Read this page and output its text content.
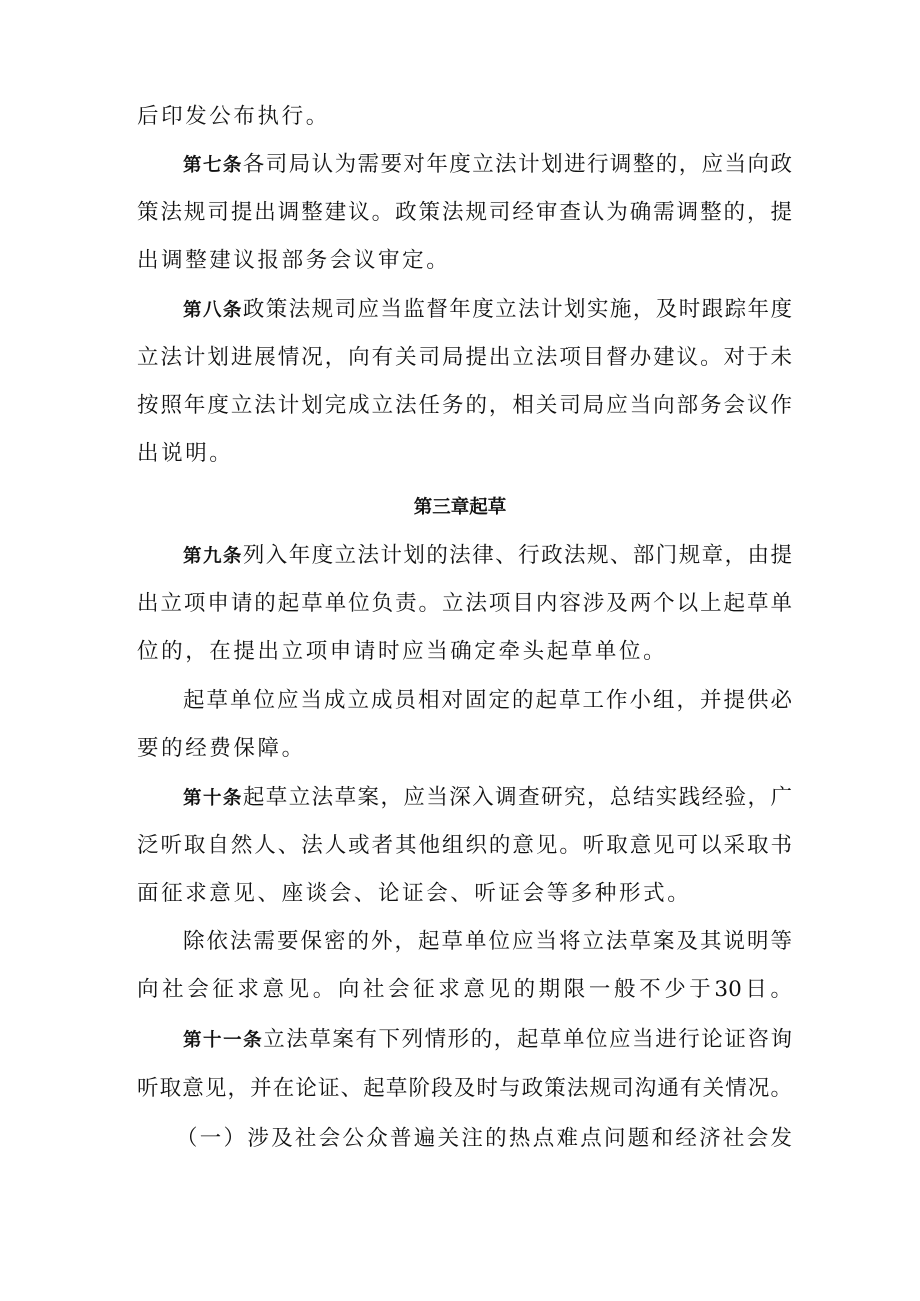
后印发公布执行。
第七条各司局认为需要对年度立法计划进行调整的，应当向政
策法规司提出调整建议。政策法规司经审查认为确需调整的，提
出调整建议报部务会议审定。
第八条政策法规司应当监督年度立法计划实施，及时跟踪年度
立法计划进展情况，向有关司局提出立法项目督办建议。对于未
按照年度立法计划完成立法任务的，相关司局应当向部务会议作
出说明。
第三章起草
第九条列入年度立法计划的法律、行政法规、部门规章，由提
出立项申请的起草单位负责。立法项目内容涉及两个以上起草单
位的，在提出立项申请时应当确定牵头起草单位。
起草单位应当成立成员相对固定的起草工作小组，并提供必
要的经费保障。
第十条起草立法草案，应当深入调查研究，总结实践经验，广
泛听取自然人、法人或者其他组织的意见。听取意见可以采取书
面征求意见、座谈会、论证会、听证会等多种形式。
除依法需要保密的外，起草单位应当将立法草案及其说明等
向社会征求意见。向社会征求意见的期限一般不少于30日。
第十一条立法草案有下列情形的，起草单位应当进行论证咨询
听取意见，并在论证、起草阶段及时与政策法规司沟通有关情况。
（一）涉及社会公众普遍关注的热点难点问题和经济社会发
